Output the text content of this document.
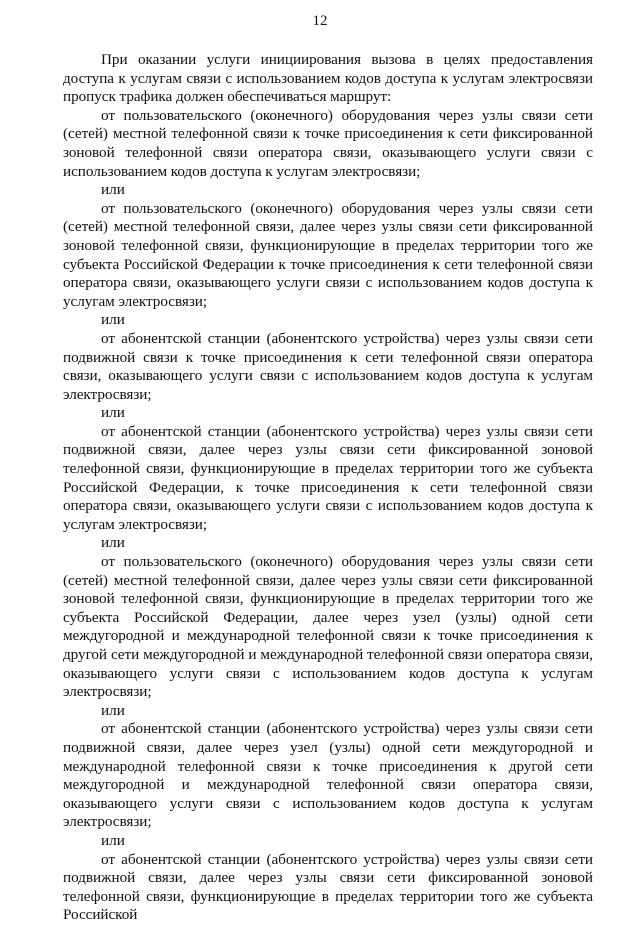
12

При оказании услуги инициирования вызова в целях предоставления доступа к услугам связи с использованием кодов доступа к услугам электросвязи пропуск трафика должен обеспечиваться маршрут:

от пользовательского (оконечного) оборудования через узлы связи сети (сетей) местной телефонной связи к точке присоединения к сети фиксированной зоновой телефонной связи оператора связи, оказывающего услуги связи с использованием кодов доступа к услугам электросвязи;

или

от пользовательского (оконечного) оборудования через узлы связи сети (сетей) местной телефонной связи, далее через узлы связи сети фиксированной зоновой телефонной связи, функционирующие в пределах территории того же субъекта Российской Федерации к точке присоединения к сети телефонной связи оператора связи, оказывающего услуги связи с использованием кодов доступа к услугам электросвязи;

или

от абонентской станции (абонентского устройства) через узлы связи сети подвижной связи к точке присоединения к сети телефонной связи оператора связи, оказывающего услуги связи с использованием кодов доступа к услугам электросвязи;

или

от абонентской станции (абонентского устройства) через узлы связи сети подвижной связи, далее через узлы связи сети фиксированной зоновой телефонной связи, функционирующие в пределах территории того же субъекта Российской Федерации, к точке присоединения к сети телефонной связи оператора связи, оказывающего услуги связи с использованием кодов доступа к услугам электросвязи;

или

от пользовательского (оконечного) оборудования через узлы связи сети (сетей) местной телефонной связи, далее через узлы связи сети фиксированной зоновой телефонной связи, функционирующие в пределах территории того же субъекта Российской Федерации, далее через узел (узлы) одной сети междугородной и международной телефонной связи к точке присоединения к другой сети междугородной и международной телефонной связи оператора связи, оказывающего услуги связи с использованием кодов доступа к услугам электросвязи;

или

от абонентской станции (абонентского устройства) через узлы связи сети подвижной связи, далее через узел (узлы) одной сети междугородной и международной телефонной связи к точке присоединения к другой сети междугородной и международной телефонной связи оператора связи, оказывающего услуги связи с использованием кодов доступа к услугам электросвязи;

или

от абонентской станции (абонентского устройства) через узлы связи сети подвижной связи, далее через узлы связи сети фиксированной зоновой телефонной связи, функционирующие в пределах территории того же субъекта Российской
